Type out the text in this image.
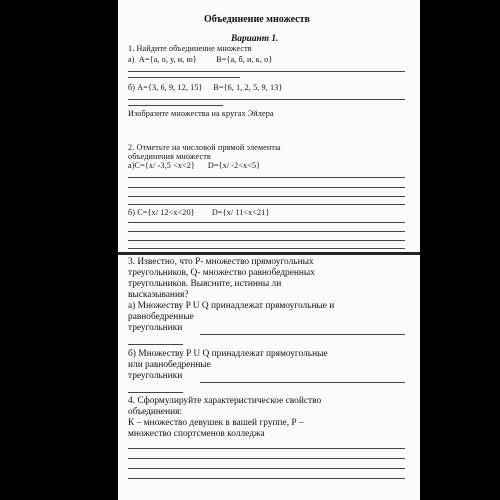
Объединение множеств
Вариант 1.
1. Найдите объединение множеств
а)  А={а, о, у, и, ю}         В={а, б, и, к, о}
б) А={3, 6, 9, 12, 15}     В={6, 1, 2, 5, 9, 13}
Изобразите множества на кругах Эйлера
2. Отметьте на числовой прямой элементы
объединения множеств
а)С={x/ -3,5 <x<2}      D={x/ -2<x<5}
б) С={x/ 12<x<20}        D={x/ 11<x<21}
3. Известно, что Р- множество прямоугольных
треугольников, Q- множество равнобедренных
треугольников. Выясните, истинны ли
высказывания?
а) Множеству P U Q принадлежат прямоугольные и
равнобедренные
треугольники
б) Множеству P U Q принадлежат прямоугольные
или равнобедренные
треугольники
4. Сформулируйте характеристическое свойство
объединения:
К – множество девушек в вашей группе, Р –
множество спортсменов колледжа
